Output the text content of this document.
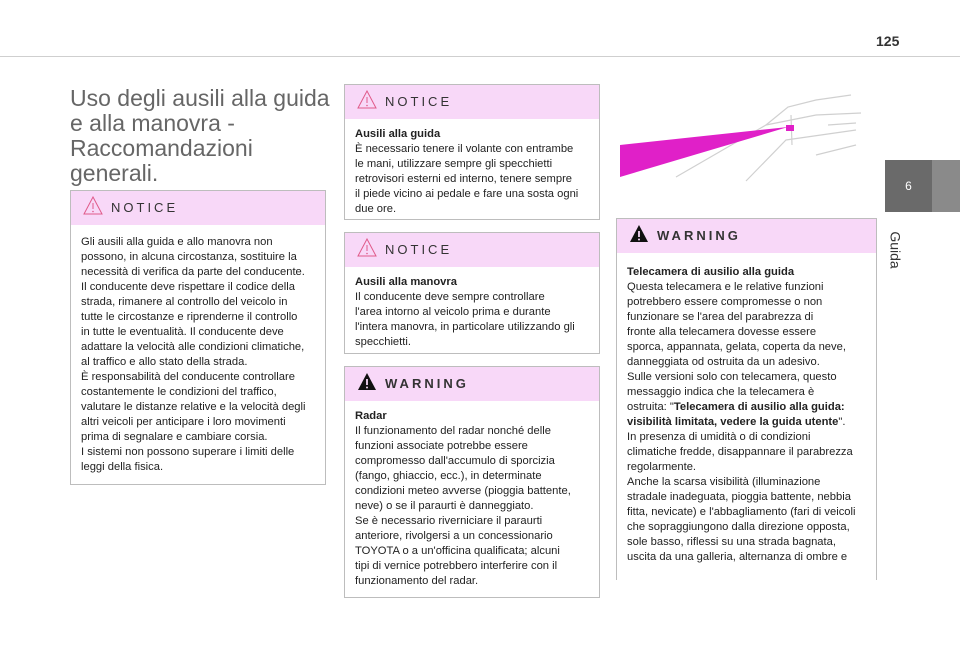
125
6
Guida
Uso degli ausili alla guida e alla manovra - Raccomandazioni generali.
NOTICE

Gli ausili alla guida e allo manovra non

possono, in alcuna circostanza, sostituire la

necessità di verifica da parte del conducente.

Il conducente deve rispettare il codice della

strada, rimanere al controllo del veicolo in

tutte le circostanze e riprenderne il controllo

in tutte le eventualità. Il conducente deve

adattare la velocità alle condizioni climatiche,

al traffico e allo stato della strada.

È responsabilità del conducente controllare

costantemente le condizioni del traffico,

valutare le distanze relative e la velocità degli

altri veicoli per anticipare i loro movimenti

prima di segnalare e cambiare corsia.

I sistemi non possono superare i limiti delle

leggi della fisica.

NOTICE

Ausili alla guida

È necessario tenere il volante con entrambe

le mani, utilizzare sempre gli specchietti

retrovisori esterni ed interno, tenere sempre

il piede vicino ai pedale e fare una sosta ogni

due ore.

NOTICE

Ausili alla manovra

Il conducente deve sempre controllare

l'area intorno al veicolo prima e durante

l'intera manovra, in particolare utilizzando gli

specchietti.

WARNING

Radar

Il funzionamento del radar nonché delle

funzioni associate potrebbe essere

compromesso dall'accumulo di sporcizia

(fango, ghiaccio, ecc.), in determinate

condizioni meteo avverse (pioggia battente,

neve) o se il paraurti è danneggiato.

Se è necessario riverniciare il paraurti

anteriore, rivolgersi a un concessionario

TOYOTA o a un'officina qualificata; alcuni

tipi di vernice potrebbero interferire con il

funzionamento del radar.

WARNING

Telecamera di ausilio alla guida

Questa telecamera e le relative funzioni

potrebbero essere compromesse o non

funzionare se l'area del parabrezza di

fronte alla telecamera dovesse essere

sporca, appannata, gelata, coperta da neve,

danneggiata od ostruita da un adesivo.

Sulle versioni solo con telecamera, questo

messaggio indica che la telecamera è

ostruita: "Telecamera di ausilio alla guida:

visibilità limitata, vedere la guida utente".

In presenza di umidità o di condizioni

climatiche fredde, disappannare il parabrezza

regolarmente.

Anche la scarsa visibilità (illuminazione

stradale inadeguata, pioggia battente, nebbia

fitta, nevicate) e l'abbagliamento (fari di veicoli

che sopraggiungono dalla direzione opposta,

sole basso, riflessi su una strada bagnata,

uscita da una galleria, alternanza di ombre e
